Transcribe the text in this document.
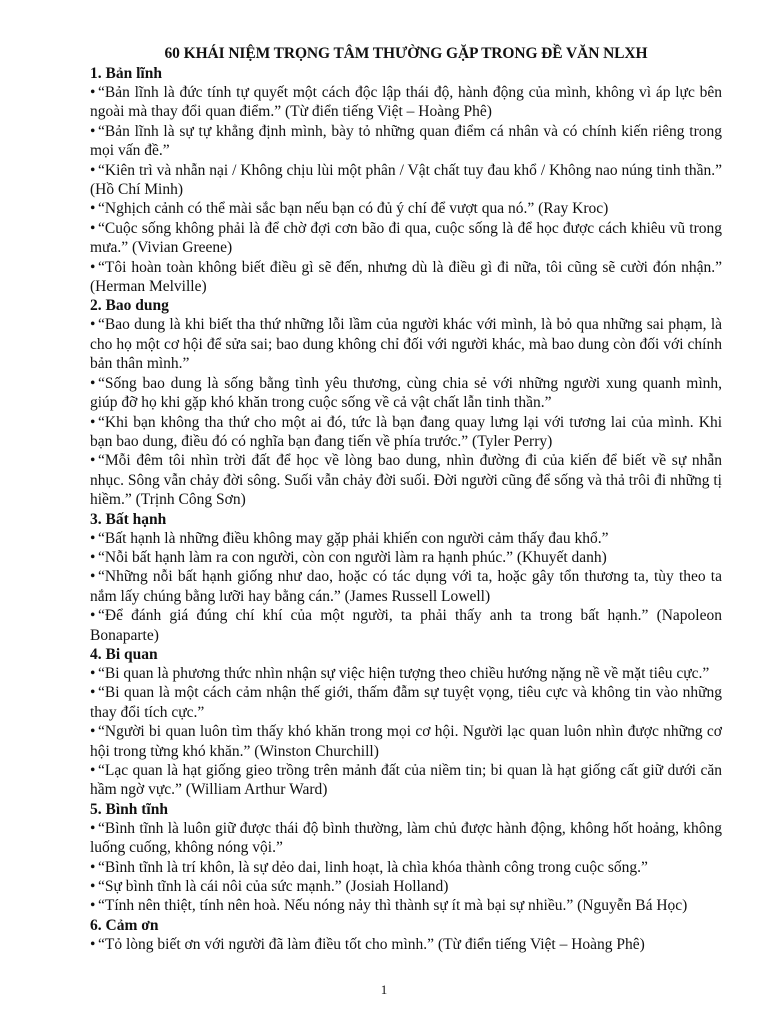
60 KHÁI NIỆM TRỌNG TÂM THƯỜNG GẶP TRONG ĐỀ VĂN NLXH
1. Bản lĩnh
• “Bản lĩnh là đức tính tự quyết một cách độc lập thái độ, hành động của mình, không vì áp lực bên ngoài mà thay đổi quan điểm.” (Từ điển tiếng Việt – Hoàng Phê)
• “Bản lĩnh là sự tự khẳng định mình, bày tỏ những quan điểm cá nhân và có chính kiến riêng trong mọi vấn đề.”
• “Kiên trì và nhẫn nại / Không chịu lùi một phân / Vật chất tuy đau khổ / Không nao núng tinh thần.” (Hồ Chí Minh)
• “Nghịch cảnh có thể mài sắc bạn nếu bạn có đủ ý chí để vượt qua nó.” (Ray Kroc)
• “Cuộc sống không phải là để chờ đợi cơn bão đi qua, cuộc sống là để học được cách khiêu vũ trong mưa.” (Vivian Greene)
• “Tôi hoàn toàn không biết điều gì sẽ đến, nhưng dù là điều gì đi nữa, tôi cũng sẽ cười đón nhận.” (Herman Melville)
2. Bao dung
• “Bao dung là khi biết tha thứ những lỗi lầm của người khác với mình, là bỏ qua những sai phạm, là cho họ một cơ hội để sửa sai; bao dung không chỉ đối với người khác, mà bao dung còn đối với chính bản thân mình.”
• “Sống bao dung là sống bằng tình yêu thương, cùng chia sẻ với những người xung quanh mình, giúp đỡ họ khi gặp khó khăn trong cuộc sống về cả vật chất lẫn tinh thần.”
• “Khi bạn không tha thứ cho một ai đó, tức là bạn đang quay lưng lại với tương lai của mình. Khi bạn bao dung, điều đó có nghĩa bạn đang tiến về phía trước.” (Tyler Perry)
• “Mỗi đêm tôi nhìn trời đất để học về lòng bao dung, nhìn đường đi của kiến để biết về sự nhẫn nhục. Sông vẫn chảy đời sông. Suối vẫn chảy đời suối. Đời người cũng để sống và thả trôi đi những tị hiềm.” (Trịnh Công Sơn)
3. Bất hạnh
• “Bất hạnh là những điều không may gặp phải khiến con người cảm thấy đau khổ.”
• “Nỗi bất hạnh làm ra con người, còn con người làm ra hạnh phúc.” (Khuyết danh)
• “Những nỗi bất hạnh giống như dao, hoặc có tác dụng với ta, hoặc gây tổn thương ta, tùy theo ta nắm lấy chúng bằng lưỡi hay bằng cán.” (James Russell Lowell)
• “Để đánh giá đúng chí khí của một người, ta phải thấy anh ta trong bất hạnh.” (Napoleon Bonaparte)
4. Bi quan
• “Bi quan là phương thức nhìn nhận sự việc hiện tượng theo chiều hướng nặng nề về mặt tiêu cực.”
• “Bi quan là một cách cảm nhận thế giới, thấm đẫm sự tuyệt vọng, tiêu cực và không tin vào những thay đổi tích cực.”
• “Người bi quan luôn tìm thấy khó khăn trong mọi cơ hội. Người lạc quan luôn nhìn được những cơ hội trong từng khó khăn.” (Winston Churchill)
• “Lạc quan là hạt giống gieo trồng trên mảnh đất của niềm tin; bi quan là hạt giống cất giữ dưới căn hầm ngờ vực.” (William Arthur Ward)
5. Bình tĩnh
• “Bình tĩnh là luôn giữ được thái độ bình thường, làm chủ được hành động, không hốt hoảng, không luống cuống, không nóng vội.”
• “Bình tĩnh là trí khôn, là sự dẻo dai, linh hoạt, là chìa khóa thành công trong cuộc sống.”
• “Sự bình tĩnh là cái nôi của sức mạnh.” (Josiah Holland)
• “Tính nên thiệt, tính nên hoà. Nếu nóng nảy thì thành sự ít mà bại sự nhiều.” (Nguyễn Bá Học)
6. Cảm ơn
• “Tỏ lòng biết ơn với người đã làm điều tốt cho mình.” (Từ điển tiếng Việt – Hoàng Phê)
1
